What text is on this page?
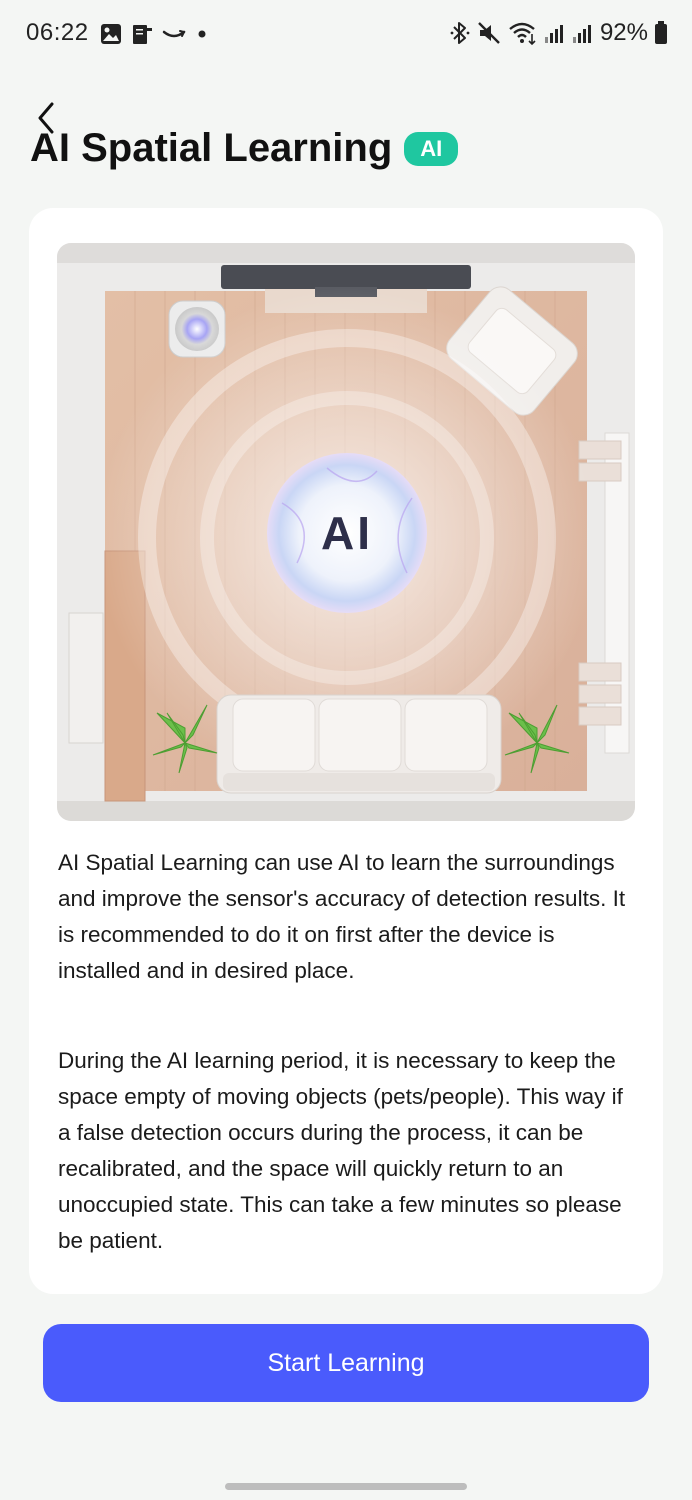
06:22	92%
AI Spatial Learning	AI
AI

AI Spatial Learning can use AI to learn the surroundings and improve the sensor's accuracy of detection results. It is recommended to do it on first after the device is installed and in desired place.

During the AI learning period, it is necessary to keep the space empty of moving objects (pets/people). This way if a false detection occurs during the process, it can be recalibrated, and the space will quickly return to an unoccupied state. This can take a few minutes so please be patient.

Start Learning
